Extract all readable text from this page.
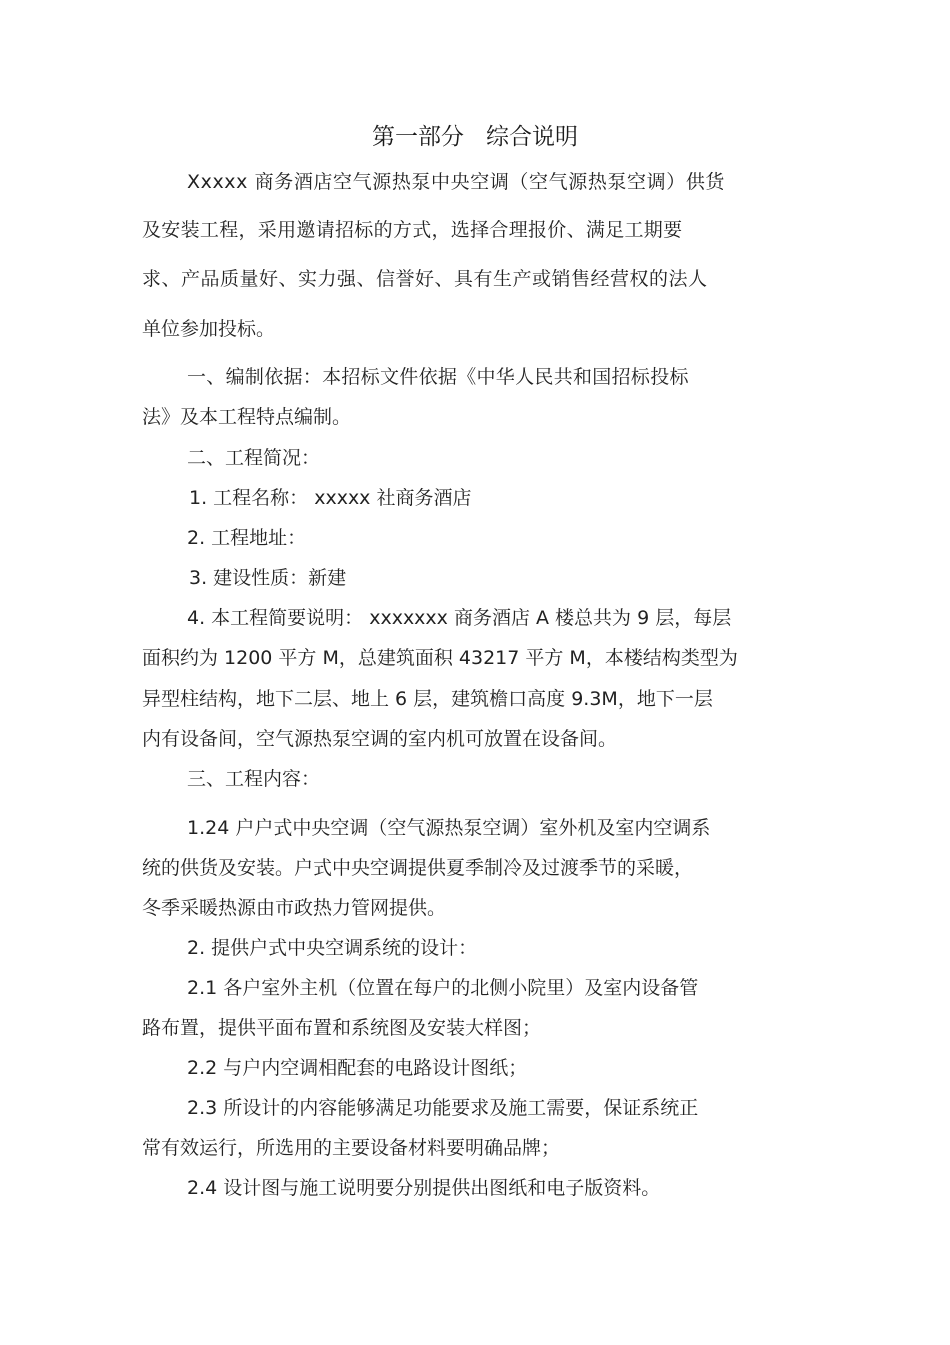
第一部分   综合说明
Xxxxx 商务酒店空气源热泵中央空调（空气源热泵空调）供货
及安装工程，采用邀请招标的方式，选择合理报价、满足工期要
求、产品质量好、实力强、信誉好、具有生产或销售经营权的法人
单位参加投标。
一、编制依据：本招标文件依据《中华人民共和国招标投标
法》及本工程特点编制。
二、工程简况：
1. 工程名称： xxxxx 社商务酒店
2. 工程地址：
3. 建设性质：新建
4. 本工程简要说明： xxxxxxx 商务酒店 A 楼总共为 9 层，每层
面积约为 1200 平方 M，总建筑面积 43217 平方 M，本楼结构类型为
异型柱结构，地下二层、地上 6 层，建筑檐口高度 9.3M，地下一层
内有设备间，空气源热泵空调的室内机可放置在设备间。
三、工程内容：
1.24 户户式中央空调（空气源热泵空调）室外机及室内空调系
统的供货及安装。户式中央空调提供夏季制冷及过渡季节的采暖，
冬季采暖热源由市政热力管网提供。
2. 提供户式中央空调系统的设计：
2.1 各户室外主机（位置在每户的北侧小院里）及室内设备管
路布置，提供平面布置和系统图及安装大样图；
2.2 与户内空调相配套的电路设计图纸；
2.3 所设计的内容能够满足功能要求及施工需要，保证系统正
常有效运行，所选用的主要设备材料要明确品牌；
2.4 设计图与施工说明要分别提供出图纸和电子版资料。
